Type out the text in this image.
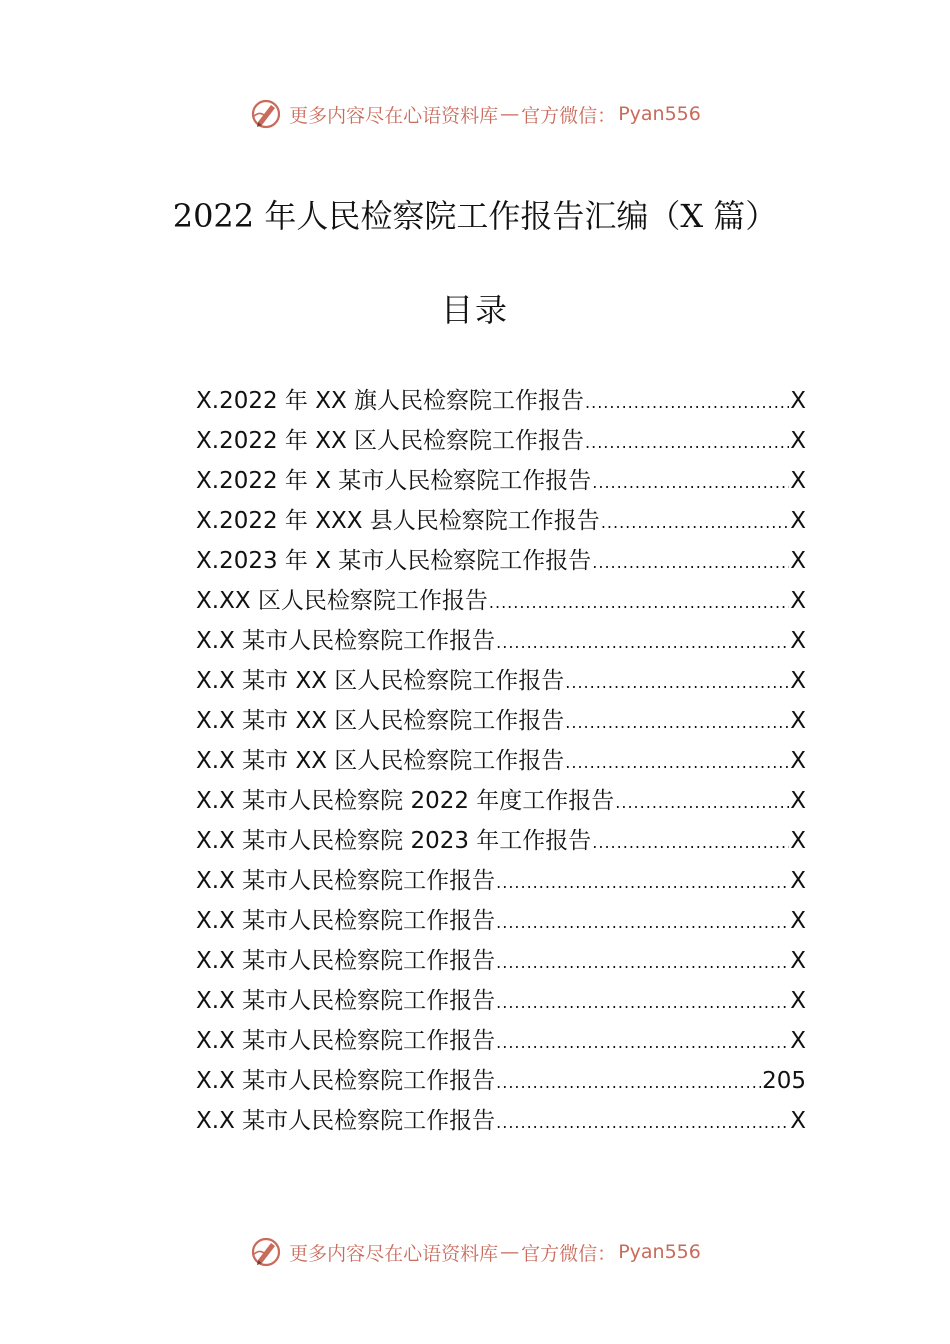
更多内容尽在心语资料库 — 官方微信： Pyan556
2022 年人民检察院工作报告汇编（X 篇）
目录
X.2022 年 XX 旗人民检察院工作报告 .....	X
X.2022 年 XX 区人民检察院工作报告 .....	X
X.2022 年 X 某市人民检察院工作报告 .....	X
X.2022 年 XXX 县人民检察院工作报告 .....	X
X.2023 年 X 某市人民检察院工作报告 .....	X
X.XX 区人民检察院工作报告 .....	X
X.X 某市人民检察院工作报告 .....	X
X.X 某市 XX 区人民检察院工作报告 .....	X
X.X 某市 XX 区人民检察院工作报告 .....	X
X.X 某市 XX 区人民检察院工作报告 .....	X
X.X 某市人民检察院 2022 年度工作报告 .....	X
X.X 某市人民检察院 2023 年工作报告 .....	X
X.X 某市人民检察院工作报告 .....	X
X.X 某市人民检察院工作报告 .....	X
X.X 某市人民检察院工作报告 .....	X
X.X 某市人民检察院工作报告 .....	X
X.X 某市人民检察院工作报告 .....	X
X.X 某市人民检察院工作报告 .....	205
X.X 某市人民检察院工作报告 .....	X
更多内容尽在心语资料库 — 官方微信： Pyan556
